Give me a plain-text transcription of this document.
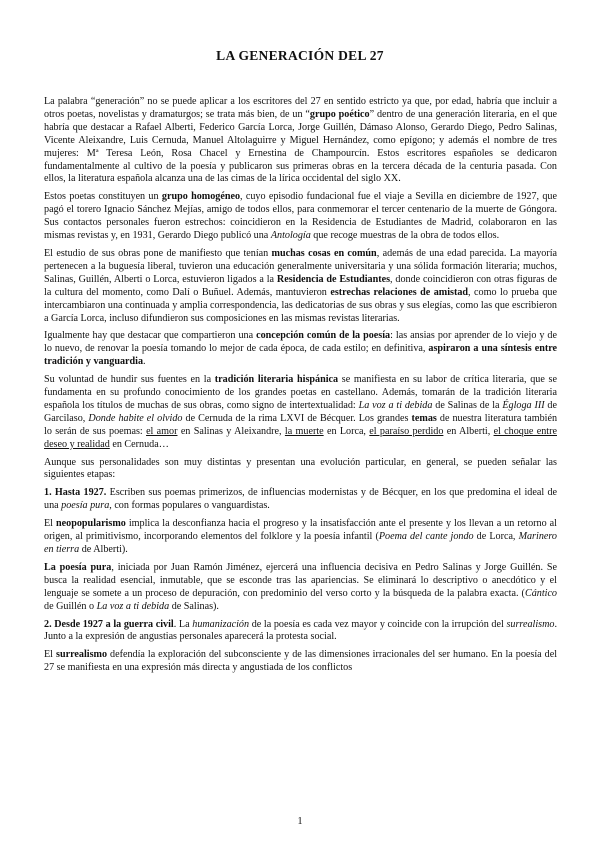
LA GENERACIÓN DEL 27

La palabra “generación” no se puede aplicar a los escritores del 27 en sentido estricto ya que, por edad, habría que incluir a otros poetas, novelistas y dramaturgos; se trata más bien, de un “grupo poético” dentro de una generación literaria, en el que habría que destacar a Rafael Alberti, Federico García Lorca, Jorge Guillén, Dámaso Alonso, Gerardo Diego, Pedro Salinas, Vicente Aleixandre, Luis Cernuda, Manuel Altolaguirre y Miguel Hernández, como epígono; y además el nombre de tres mujeres: Mª Teresa León, Rosa Chacel y Ernestina de Champourcín. Estos escritores españoles se dedicaron fundamentalmente al cultivo de la poesía y publicaron sus primeras obras en la tercera década de la centuria pasada. Con ellos, la literatura española alcanza una de las cimas de la lírica occidental del siglo XX.

Estos poetas constituyen un grupo homogéneo, cuyo episodio fundacional fue el viaje a Sevilla en diciembre de 1927, que pagó el torero Ignacio Sánchez Mejías, amigo de todos ellos, para conmemorar el tercer centenario de la muerte de Góngora. Sus contactos personales fueron estrechos: coincidieron en la Residencia de Estudiantes de Madrid, colaboraron en las mismas revistas y, en 1931, Gerardo Diego publicó una Antología que recoge muestras de la obra de todos ellos.

El estudio de sus obras pone de manifiesto que tenían muchas cosas en común, además de una edad parecida. La mayoría pertenecen a la buguesía liberal, tuvieron una educación generalmente universitaria y una sólida formación literaria; muchos, Salinas, Guillén, Alberti o Lorca, estuvieron ligados a la Residencia de Estudiantes, donde coincidieron con otras figuras de la cultura del momento, como Dalí o Buñuel. Además, mantuvieron estrechas relaciones de amistad, como lo prueba que intercambiaron una continuada y amplia correspondencia, las dedicatorias de sus obras y sus elegías, como las que escribieron a García Lorca, incluso difundieron sus composiciones en las mismas revistas literarias.

Igualmente hay que destacar que compartieron una concepción común de la poesía: las ansias por aprender de lo viejo y de lo nuevo, de renovar la poesía tomando lo mejor de cada época, de cada estilo; en definitiva, aspiraron a una síntesis entre tradición y vanguardia.

Su voluntad de hundir sus fuentes en la tradición literaria hispánica se manifiesta en su labor de crítica literaria, que se fundamenta en su profundo conocimiento de los grandes poetas en castellano. Además, tomarán de la tradición literaria española los títulos de muchas de sus obras, como signo de intertextualidad: La voz a ti debida de Salinas de la Égloga III de Garcilaso, Donde habite el olvido de Cernuda de la rima LXVI de Bécquer. Los grandes temas de nuestra literatura también lo serán de sus poemas: el amor en Salinas y Aleixandre, la muerte en Lorca, el paraíso perdido en Alberti, el choque entre deseo y realidad en Cernuda…

Aunque sus personalidades son muy distintas y presentan una evolución particular, en general, se pueden señalar las siguientes etapas:

1. Hasta 1927. Escriben sus poemas primerizos, de influencias modernistas y de Bécquer, en los que predomina el ideal de una poesía pura, con formas populares o vanguardistas.

El neopopularismo implica la desconfianza hacia el progreso y la insatisfacción ante el presente y los llevan a un retorno al origen, al primitivismo, incorporando elementos del folklore y la poesía infantil (Poema del cante jondo de Lorca, Marinero en tierra de Alberti).

La poesía pura, iniciada por Juan Ramón Jiménez, ejercerá una influencia decisiva en Pedro Salinas y Jorge Guillén. Se busca la realidad esencial, inmutable, que se esconde tras las apariencias. Se eliminará lo descriptivo o anecdótico y el lenguaje se somete a un proceso de depuración, con predominio del verso corto y la búsqueda de la palabra exacta. (Cántico de Guillén o La voz a ti debida de Salinas).

2. Desde 1927 a la guerra civil. La humanización de la poesía es cada vez mayor y coincide con la irrupción del surrealismo. Junto a la expresión de angustias personales aparecerá la protesta social.

El surrealismo defendía la exploración del subconsciente y de las dimensiones irracionales del ser humano. En la poesía del 27 se manifiesta en una expresión más directa y angustiada de los conflictos

1
